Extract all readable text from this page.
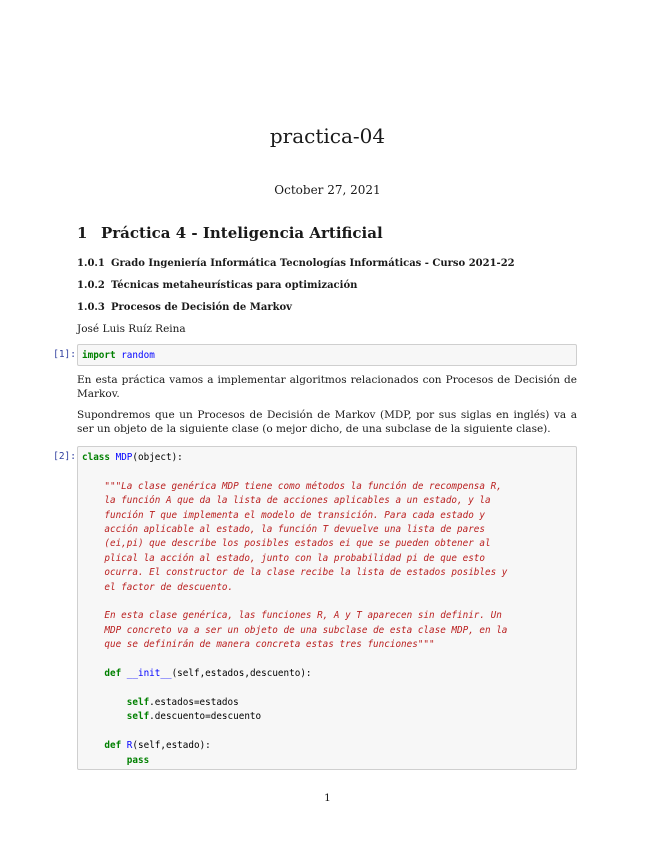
practica-04
October 27, 2021
1 Práctica 4 - Inteligencia Artificial
1.0.1 Grado Ingeniería Informática Tecnologías Informáticas - Curso 2021-22
1.0.2 Técnicas metaheurísticas para optimización
1.0.3 Procesos de Decisión de Markov
José Luis Ruíz Reina
[1]: import random
En esta práctica vamos a implementar algoritmos relacionados con Procesos de Decisión de Markov.
Supondremos que un Procesos de Decisión de Markov (MDP, por sus siglas en inglés) va a ser un objeto de la siguiente clase (o mejor dicho, de una subclase de la siguiente clase).
[2]: class MDP(object):

"""La clase genérica MDP tiene como métodos la función de recompensa R,
la función A que da la lista de acciones aplicables a un estado, y la
función T que implementa el modelo de transición. Para cada estado y
acción aplicable al estado, la función T devuelve una lista de pares
(ei,pi) que describe los posibles estados ei que se pueden obtener al
plical la acción al estado, junto con la probabilidad pi de que esto
ocurra. El constructor de la clase recibe la lista de estados posibles y
el factor de descuento.

En esta clase genérica, las funciones R, A y T aparecen sin definir. Un
MDP concreto va a ser un objeto de una subclase de esta clase MDP, en la
que se definirán de manera concreta estas tres funciones"""

def __init__(self,estados,descuento):

self.estados=estados
self.descuento=descuento

def R(self,estado):
pass
1
